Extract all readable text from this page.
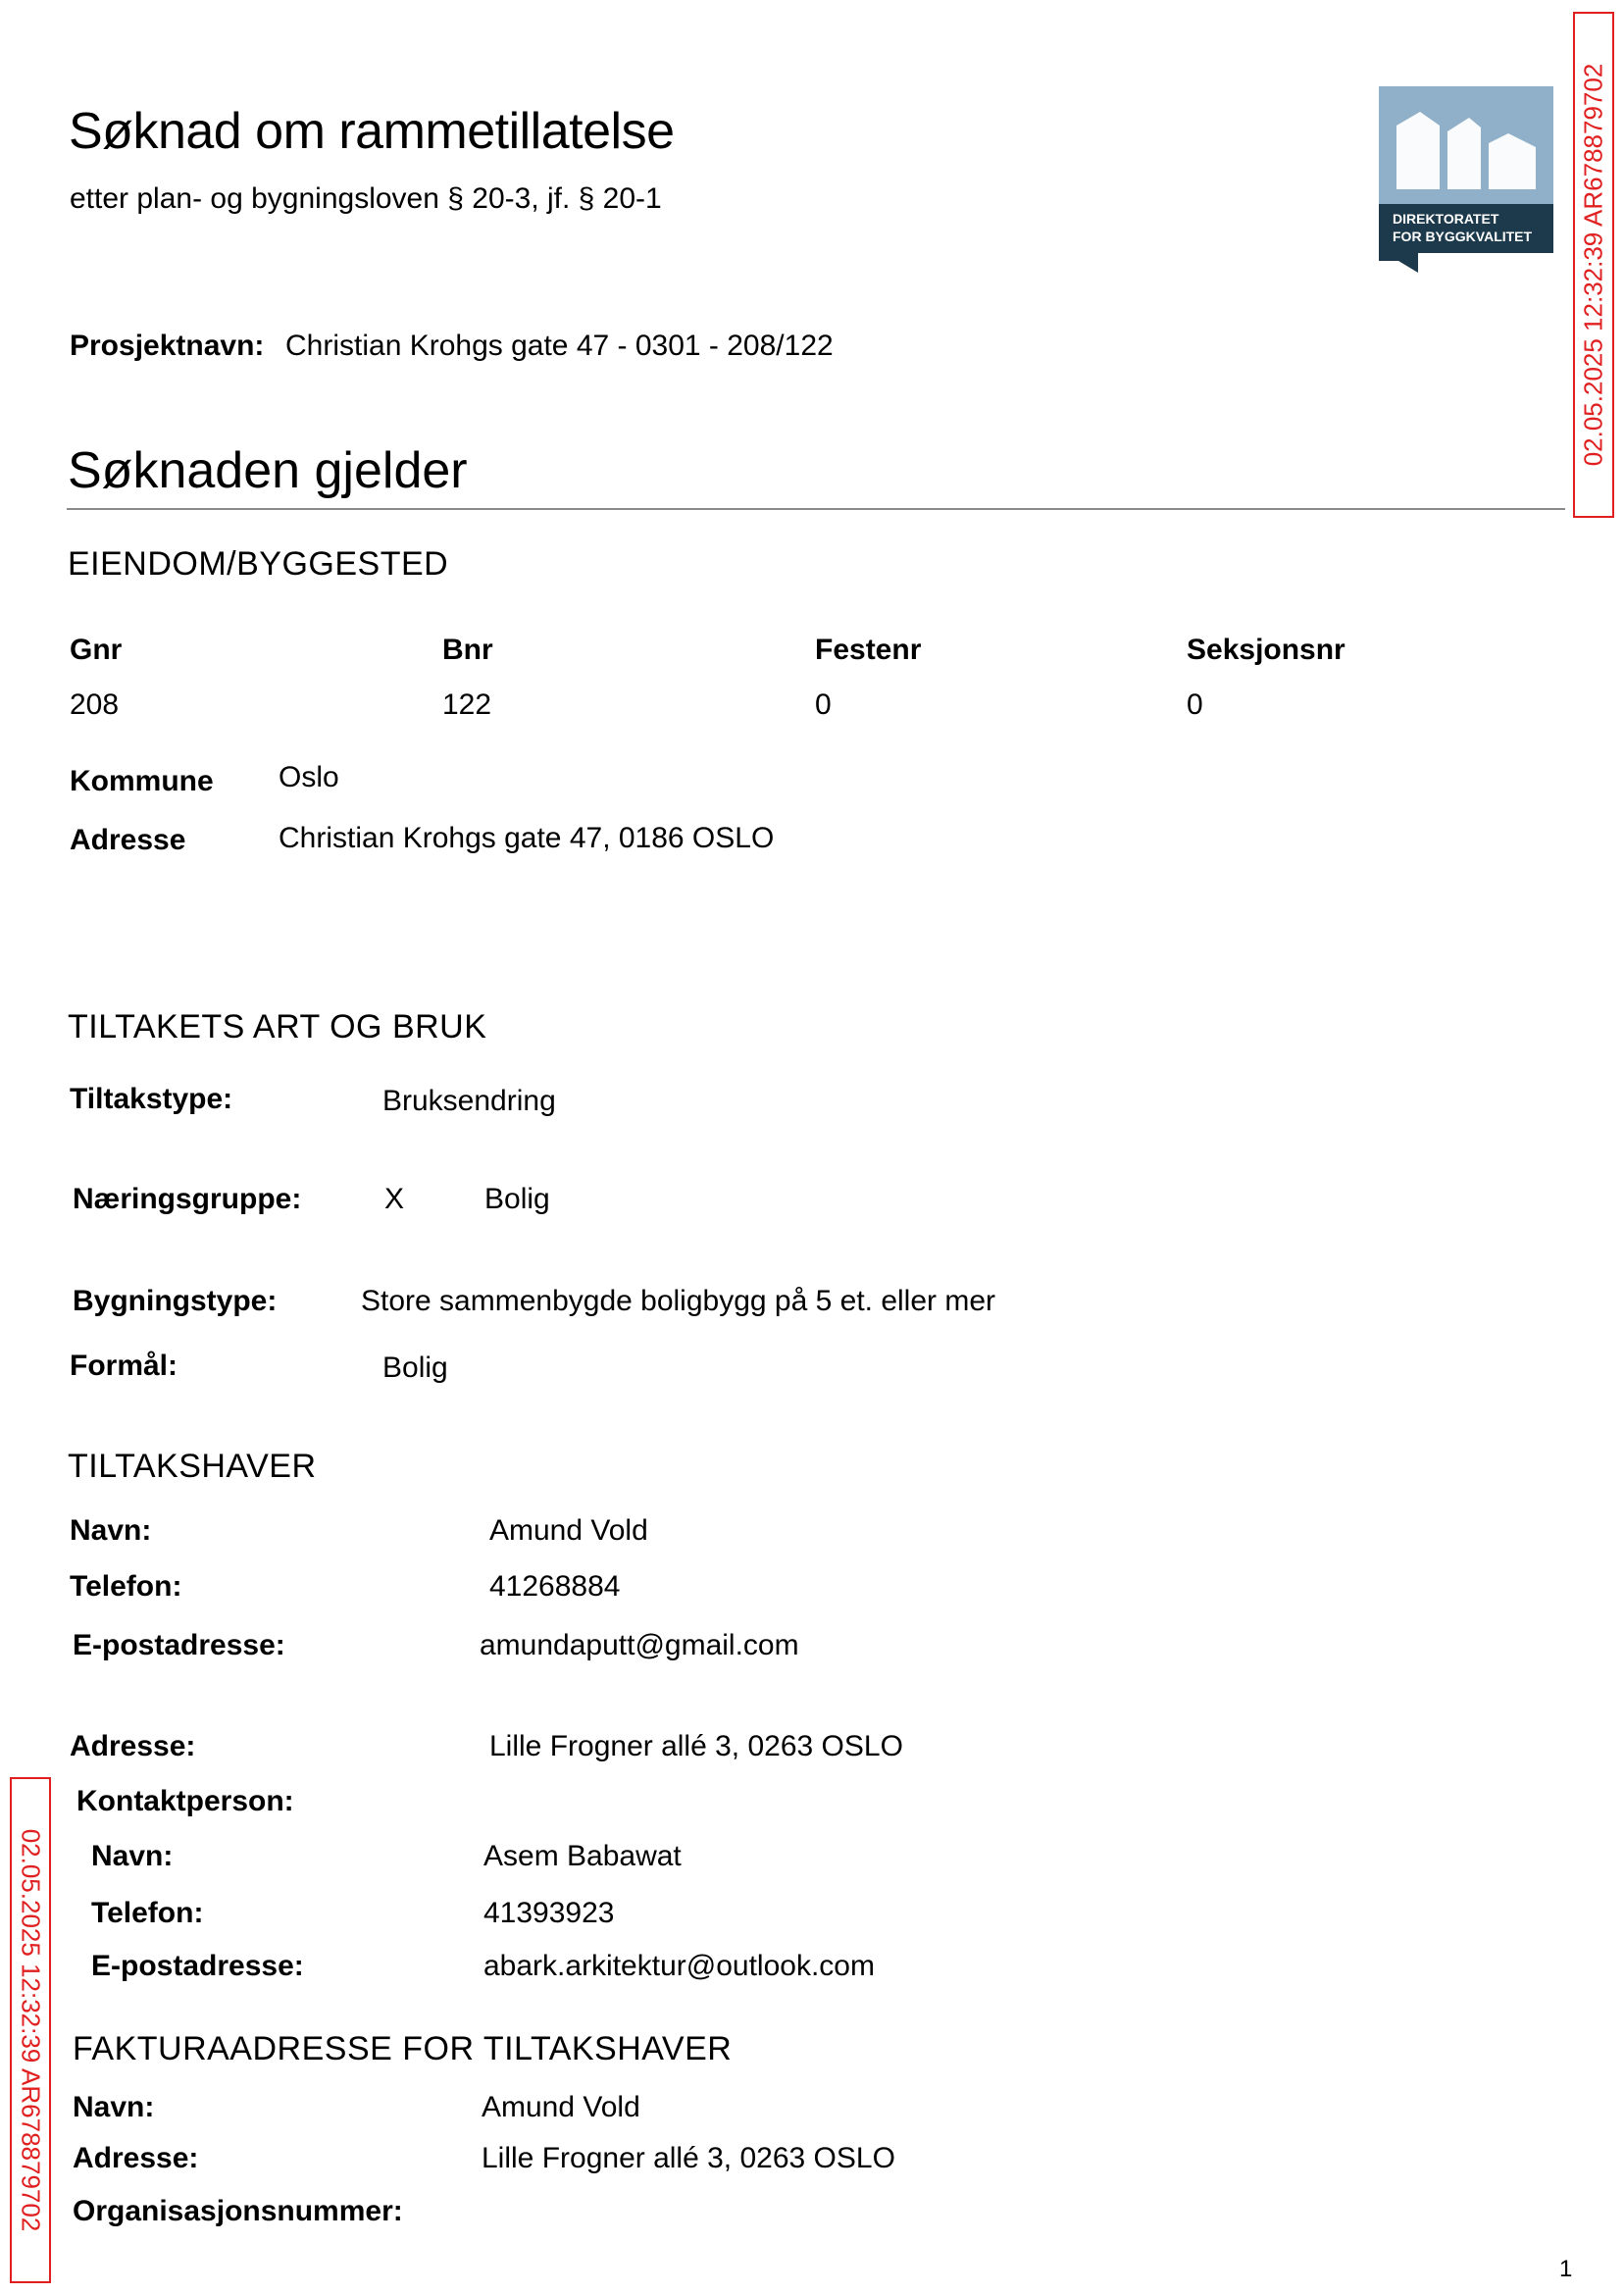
Søknad om rammetillatelse
etter plan- og bygningsloven § 20-3, jf. § 20-1
DIREKTORATET
FOR BYGGKVALITET 02.05.2025 12:32:39 AR678879702
02.05.2025 12:32:39 AR678879702
Prosjektnavn: Christian Krohgs gate 47 - 0301 - 208/122
Søknaden gjelder
EIENDOM/BYGGESTED
Gnr	Bnr	Festenr	Seksjonsnr
208	122	0	0
Kommune Oslo
Adresse	Christian Krohgs gate 47, 0186 OSLO
TILTAKETS ART OG BRUK
Tiltakstype:	Bruksendring
Næringsgruppe:	X	Bolig
Bygningstype:	Store sammenbygde boligbygg på 5 et. eller mer
Formål:	Bolig
TILTAKSHAVER
Navn:	Amund Vold
Telefon:	41268884
E-postadresse:	amundaputt@gmail.com
Adresse:	Lille Frogner allé 3, 0263 OSLO
Kontaktperson:
Navn:	Asem Babawat
Telefon:	41393923
E-postadresse:	abark.arkitektur@outlook.com
FAKTURAADRESSE FOR TILTAKSHAVER
Navn:	Amund Vold
Adresse:	Lille Frogner allé 3, 0263 OSLO
Organisasjonsnummer:
1
